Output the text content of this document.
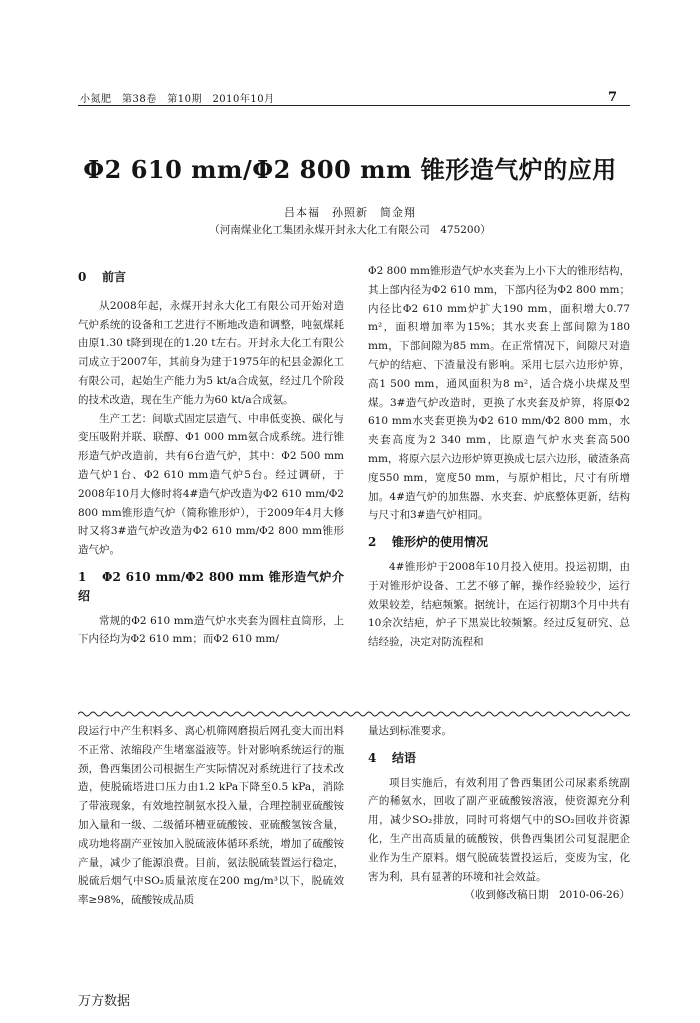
小氮肥　第38卷　第10期　2010年10月	7
Φ2 610 mm/Φ2 800 mm 锥形造气炉的应用
吕本福　孙照新　简金翔
（河南煤业化工集团永煤开封永大化工有限公司　475200）

0 前言

从2008年起，永煤开封永大化工有限公司开始对造气炉系统的设备和工艺进行不断地改造和调整，吨氨煤耗由原1.30 t降到现在的1.20 t左右。开封永大化工有限公司成立于2007年，其前身为建于1975年的杞县金源化工有限公司，起始生产能力为5 kt/a合成氨，经过几个阶段的技术改造，现在生产能力为60 kt/a合成氨。

生产工艺：间歇式固定层造气、中串低变换、碳化与变压吸附并联、联醇、Φ1 000 mm氨合成系统。进行锥形造气炉改造前，共有6台造气炉，其中：Φ2 500 mm造气炉1台、Φ2 610 mm造气炉5台。经过调研，于2008年10月大修时将4#造气炉改造为Φ2 610 mm/Φ2 800 mm锥形造气炉（简称锥形炉），于2009年4月大修时又将3#造气炉改造为Φ2 610 mm/Φ2 800 mm锥形造气炉。

1 Φ2 610 mm/Φ2 800 mm 锥形造气炉介绍

常规的Φ2 610 mm造气炉水夹套为圆柱直筒形，上下内径均为Φ2 610 mm；而Φ2 610 mm/

Φ2 800 mm锥形造气炉水夹套为上小下大的锥形结构，其上部内径为Φ2 610 mm，下部内径为Φ2 800 mm；内径比Φ2 610 mm炉扩大190 mm，面积增大0.77 m²，面积增加率为15%；其水夹套上部间隙为180 mm，下部间隙为85 mm。在正常情况下，间隙尺对造气炉的结疤、下渣量没有影响。采用七层六边形炉箅，高1 500 mm，通风面积为8 m²，适合烧小块煤及型煤。3#造气炉改造时，更换了水夹套及炉箅，将原Φ2 610 mm水夹套更换为Φ2 610 mm/Φ2 800 mm，水夹套高度为2 340 mm，比原造气炉水夹套高500 mm，将原六层六边形炉箅更换成七层六边形，破渣条高度550 mm，宽度50 mm，与原炉相比，尺寸有所增加。4#造气炉的加焦器、水夹套、炉底整体更新，结构与尺寸和3#造气炉相同。

2 锥形炉的使用情况

4#锥形炉于2008年10月投入使用。投运初期，由于对锥形炉设备、工艺不够了解，操作经验较少，运行效果较差，结疤频繁。据统计，在运行初期3个月中共有10余次结疤，炉子下黑炭比较频繁。经过反复研究、总结经验，决定对防流程和

段运行中产生积料多、离心机筛网磨损后网孔变大而出料不正常、浓缩段产生堵塞溢液等。针对影响系统运行的瓶颈，鲁西集团公司根据生产实际情况对系统进行了技术改造，使脱硫塔进口压力由1.2 kPa下降至0.5 kPa，消除了带液现象，有效地控制氨水投入量，合理控制亚硫酸铵加入量和一级、二级循环槽亚硫酸铵、亚硫酸氢铵含量，成功地将副产亚铵加入脱硫液体循环系统，增加了硫酸铵产量，减少了能源浪费。目前，氨法脱硫装置运行稳定，脱硫后烟气中SO₂质量浓度在200 mg/m³以下，脱硫效率≥98%，硫酸铵成品质

量达到标准要求。

4 结语

项目实施后，有效利用了鲁西集团公司尿素系统副产的稀氨水，回收了副产亚硫酸铵溶液，使资源充分利用，减少SO₂排放，同时可将烟气中的SO₂回收并资源化，生产出高质量的硫酸铵，供鲁西集团公司复混肥企业作为生产原料。烟气脱硫装置投运后，变废为宝，化害为利，具有显著的环境和社会效益。

（收到修改稿日期　2010-06-26）

万方数据
